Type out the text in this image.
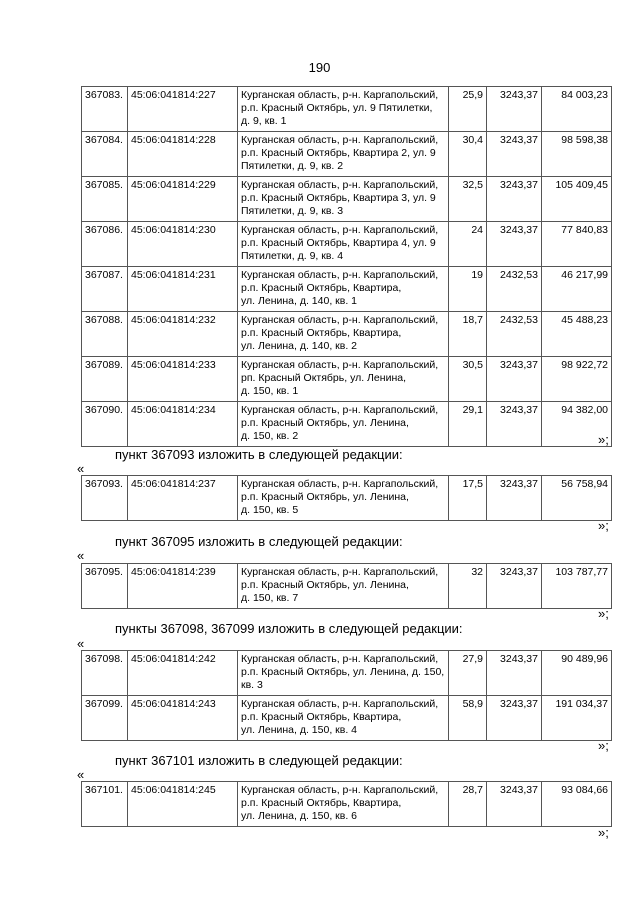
190
367083.	45:06:041814:227	Курганская область, р-н. Каргапольский,
р.п. Красный Октябрь, ул. 9 Пятилетки,
д. 9, кв. 1	25,9	3243,37	84 003,23
367084.	45:06:041814:228	Курганская область, р-н. Каргапольский,
р.п. Красный Октябрь, Квартира 2, ул. 9
Пятилетки, д. 9, кв. 2	30,4	3243,37	98 598,38
367085.	45:06:041814:229	Курганская область, р-н. Каргапольский,
р.п. Красный Октябрь, Квартира 3, ул. 9
Пятилетки, д. 9, кв. 3	32,5	3243,37	105 409,45
367086.	45:06:041814:230	Курганская область, р-н. Каргапольский,
р.п. Красный Октябрь, Квартира 4, ул. 9
Пятилетки, д. 9, кв. 4	24	3243,37	77 840,83
367087.	45:06:041814:231	Курганская область, р-н. Каргапольский,
р.п. Красный Октябрь, Квартира,
ул. Ленина, д. 140, кв. 1	19	2432,53	46 217,99
367088.	45:06:041814:232	Курганская область, р-н. Каргапольский,
р.п. Красный Октябрь, Квартира,
ул. Ленина, д. 140, кв. 2	18,7	2432,53	45 488,23
367089.	45:06:041814:233	Курганская область, р-н. Каргапольский,
рп. Красный Октябрь, ул. Ленина,
д. 150, кв. 1	30,5	3243,37	98 922,72
367090.	45:06:041814:234	Курганская область, р-н. Каргапольский,
р.п. Красный Октябрь, ул. Ленина,
д. 150, кв. 2	29,1	3243,37	94 382,00
»;
пункт 367093 изложить в следующей редакции:
«
367093.	45:06:041814:237	Курганская область, р-н. Каргапольский,
р.п. Красный Октябрь, ул. Ленина,
д. 150, кв. 5
	17,5	3243,37	56 758,94
»;
пункт 367095 изложить в следующей редакции:
«
367095.	45:06:041814:239	Курганская область, р-н. Каргапольский,
р.п. Красный Октябрь, ул. Ленина,
д. 150, кв. 7
	32	3243,37	103 787,77
»;
пункты 367098, 367099 изложить в следующей редакции:
«
367098.	45:06:041814:242	Курганская область, р-н. Каргапольский,
р.п. Красный Октябрь, ул. Ленина, д. 150,
кв. 3	27,9	3243,37	90 489,96
367099.	45:06:041814:243	Курганская область, р-н. Каргапольский,
р.п. Красный Октябрь, Квартира,
ул. Ленина, д. 150, кв. 4	58,9	3243,37	191 034,37
»;
пункт 367101 изложить в следующей редакции:
«
367101.	45:06:041814:245	Курганская область, р-н. Каргапольский,
р.п. Красный Октябрь, Квартира,
ул. Ленина, д. 150, кв. 6
	28,7	3243,37	93 084,66
»;
